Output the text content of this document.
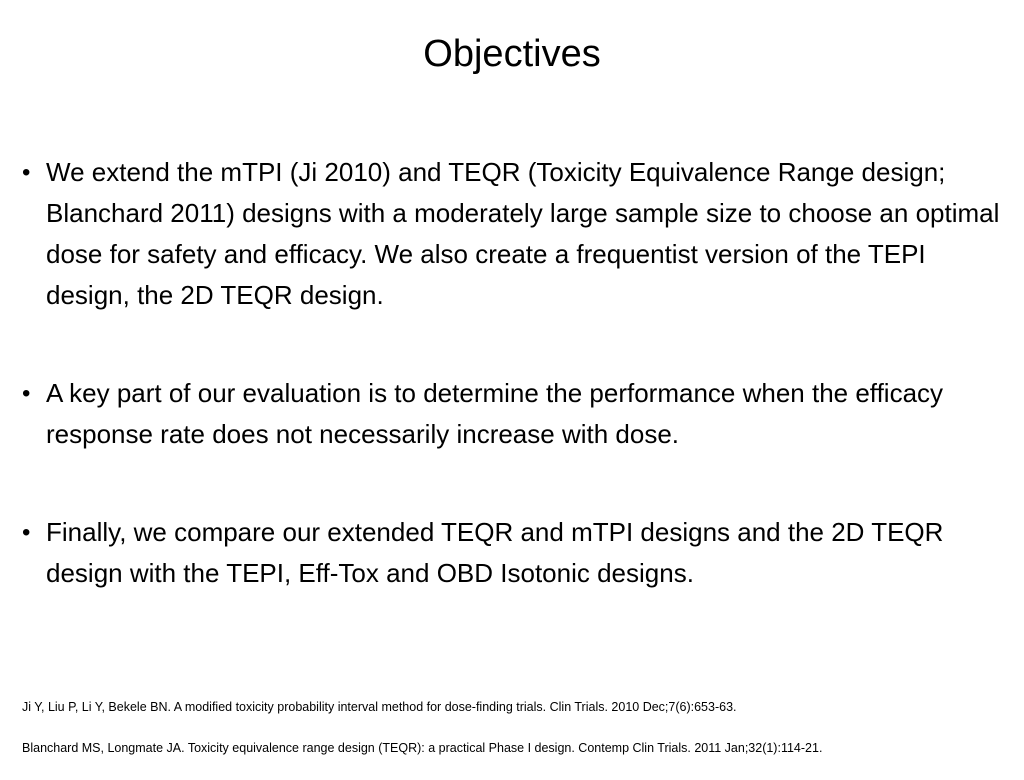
Objectives
• We extend the mTPI (Ji 2010) and TEQR (Toxicity Equivalence Range design; Blanchard 2011) designs with a moderately large sample size to choose an optimal dose for safety and efficacy. We also create a frequentist version of the TEPI design, the 2D TEQR design.
• A key part of our evaluation is to determine the performance when the efficacy response rate does not necessarily increase with dose.
• Finally, we compare our extended TEQR and mTPI designs and the 2D TEQR design with the TEPI, Eff-Tox and OBD Isotonic designs.

Ji Y, Liu P, Li Y, Bekele BN. A modified toxicity probability interval method for dose-finding trials. Clin Trials. 2010 Dec;7(6):653-63.

Blanchard MS, Longmate JA. Toxicity equivalence range design (TEQR): a practical Phase I design. Contemp Clin Trials. 2011 Jan;32(1):114-21.
